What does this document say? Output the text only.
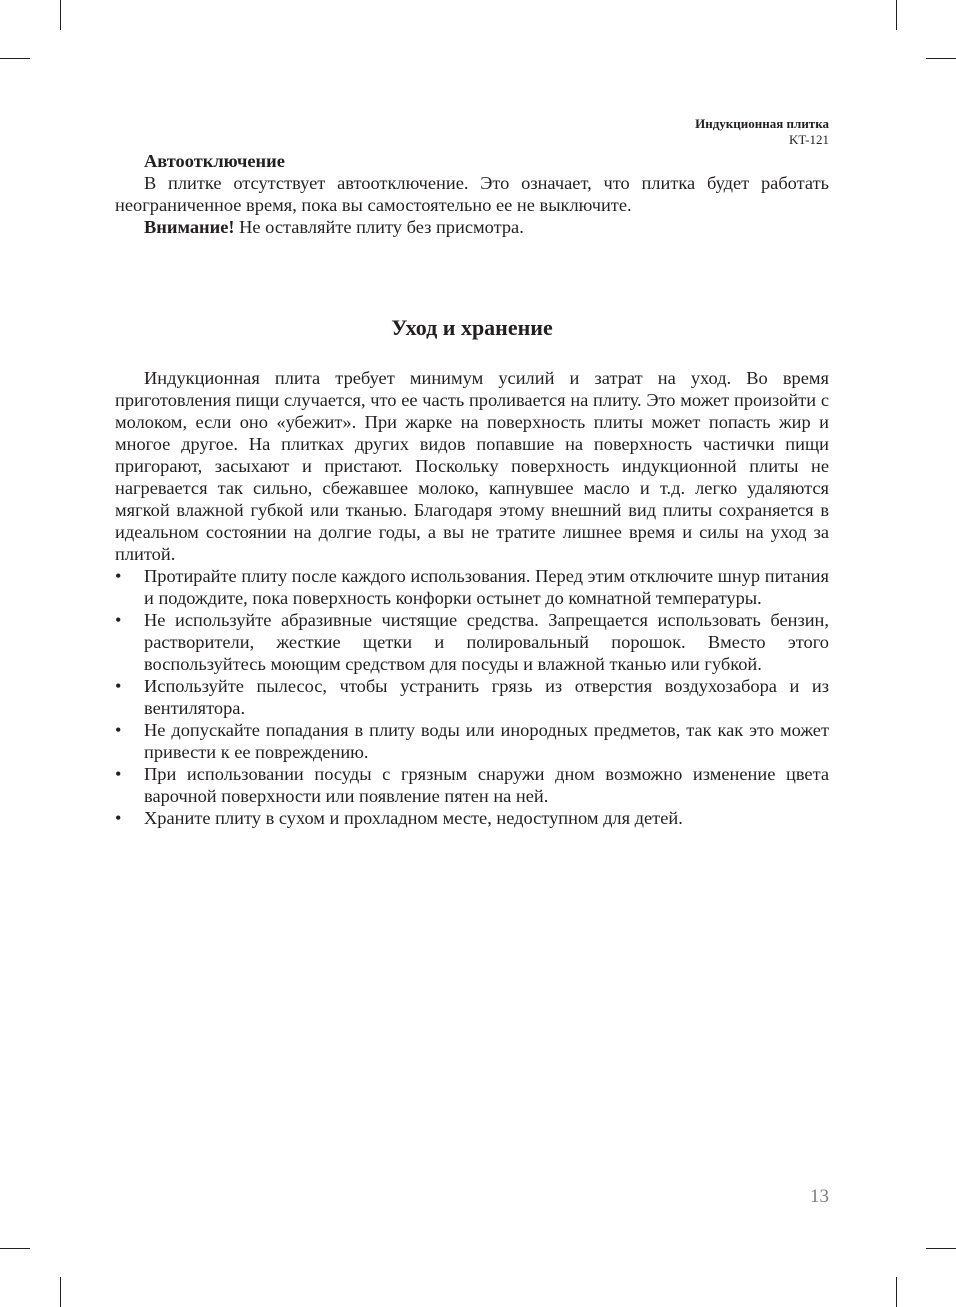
Индукционная плитка
KT-121

Автоотключение

В плитке отсутствует автоотключение. Это означает, что плитка будет работать неограниченное время, пока вы самостоятельно ее не выключите.

Внимание! Не оставляйте плиту без присмотра.

Уход и хранение

Индукционная плита требует минимум усилий и затрат на уход. Во время приготовления пищи случается, что ее часть проливается на плиту. Это может произойти с молоком, если оно «убежит». При жарке на поверхность плиты может попасть жир и многое другое. На плитках других видов попавшие на поверхность частички пищи пригорают, засыхают и пристают. Поскольку поверхность индукционной плиты не нагревается так сильно, сбежавшее молоко, капнувшее масло и т.д. легко удаляются мягкой влажной губкой или тканью. Благодаря этому внешний вид плиты сохраняется в идеальном состоянии на долгие годы, а вы не тратите лишнее время и силы на уход за плитой.

• Протирайте плиту после каждого использования. Перед этим отключите шнур питания и подождите, пока поверхность конфорки остынет до комнатной температуры.
• Не используйте абразивные чистящие средства. Запрещается использовать бензин, растворители, жесткие щетки и полировальный порошок. Вместо этого воспользуйтесь моющим средством для посуды и влажной тканью или губкой.
• Используйте пылесос, чтобы устранить грязь из отверстия воздухозабора и из вентилятора.
• Не допускайте попадания в плиту воды или инородных предметов, так как это может привести к ее повреждению.
• При использовании посуды с грязным снаружи дном возможно изменение цвета варочной поверхности или появление пятен на ней.
• Храните плиту в сухом и прохладном месте, недоступном для детей.
13
